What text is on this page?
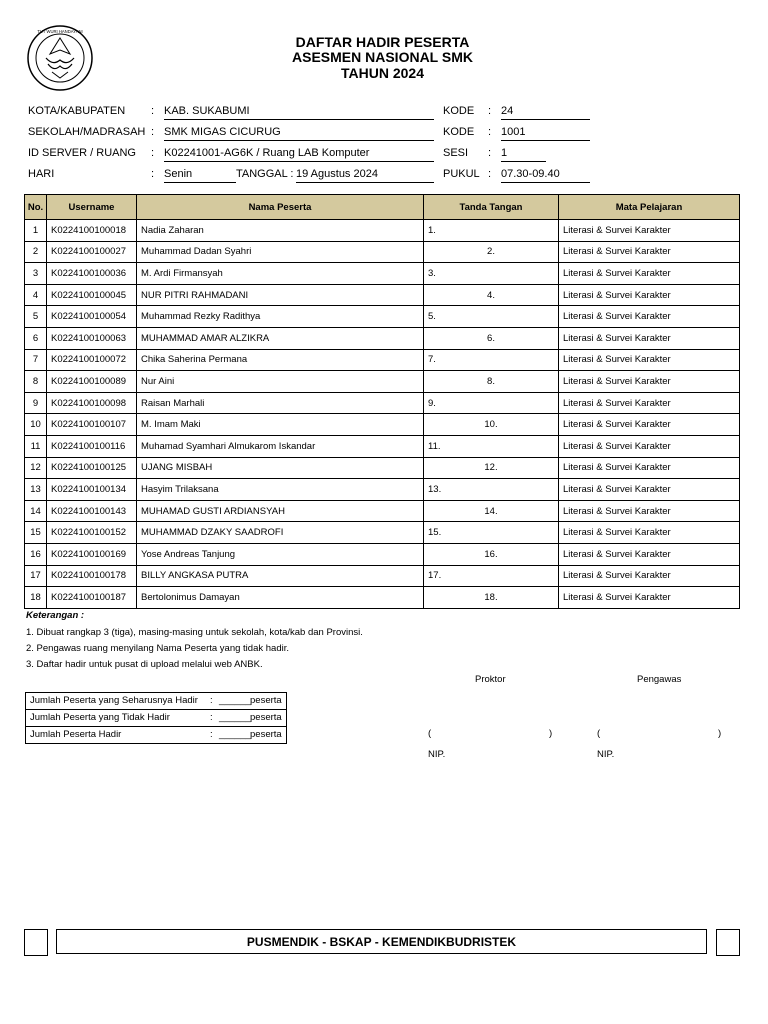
TUT WURI HANDAYANI
DAFTAR HADIR PESERTA
ASESMEN NASIONAL SMK
TAHUN 2024
KOTA/KABUPATEN : KAB. SUKABUMI	KODE : 24
SEKOLAH/MADRASAH : SMK MIGAS CICURUG	KODE : 1001
ID SERVER / RUANG : K02241001-AG6K / Ruang LAB Komputer	SESI : 1
HARI	: Senin	TANGGAL : 19 Agustus 2024	PUKUL : 07.30-09.40
No.	Username	Nama Peserta	Tanda Tangan	Mata Pelajaran
1	K0224100100018	Nadia Zaharan	1.	Literasi & Survei Karakter
2	K0224100100027	Muhammad Dadan Syahri	2.	Literasi & Survei Karakter
3	K0224100100036	M. Ardi Firmansyah	3.	Literasi & Survei Karakter
4	K0224100100045	NUR PITRI RAHMADANI	4.	Literasi & Survei Karakter
5	K0224100100054	Muhammad Rezky Radithya	5.	Literasi & Survei Karakter
6	K0224100100063	MUHAMMAD AMAR ALZIKRA	6.	Literasi & Survei Karakter
7	K0224100100072	Chika Saherina Permana	7.	Literasi & Survei Karakter
8	K0224100100089	Nur Aini	8.	Literasi & Survei Karakter
9	K0224100100098	Raisan Marhali	9.	Literasi & Survei Karakter
10	K0224100100107	M. Imam Maki	10.	Literasi & Survei Karakter
11	K0224100100116	Muhamad Syamhari Almukarom Iskandar	11.	Literasi & Survei Karakter
12	K0224100100125	UJANG MISBAH	12.	Literasi & Survei Karakter
13	K0224100100134	Hasyim Trilaksana	13.	Literasi & Survei Karakter
14	K0224100100143	MUHAMAD GUSTI ARDIANSYAH	14.	Literasi & Survei Karakter
15	K0224100100152	MUHAMMAD DZAKY SAADROFI	15.	Literasi & Survei Karakter
16	K0224100100169	Yose Andreas Tanjung	16.	Literasi & Survei Karakter
17	K0224100100178	BILLY ANGKASA PUTRA	17.	Literasi & Survei Karakter
18	K0224100100187	Bertolonimus Damayan	18.	Literasi & Survei Karakter
Keterangan :
1. Dibuat rangkap 3 (tiga), masing-masing untuk sekolah, kota/kab dan Provinsi.
2. Pengawas ruang menyilang Nama Peserta yang tidak hadir.
3. Daftar hadir untuk pusat di upload melalui web ANBK.
Jumlah Peserta yang Seharusnya Hadir : ______ peserta
Jumlah Peserta yang Tidak Hadir	: ______ peserta
Jumlah Peserta Hadir	: ______ peserta
Proktor	Pengawas
(	)	(	)
NIP.	NIP.
PUSMENDIK - BSKAP - KEMENDIKBUDRISTEK
